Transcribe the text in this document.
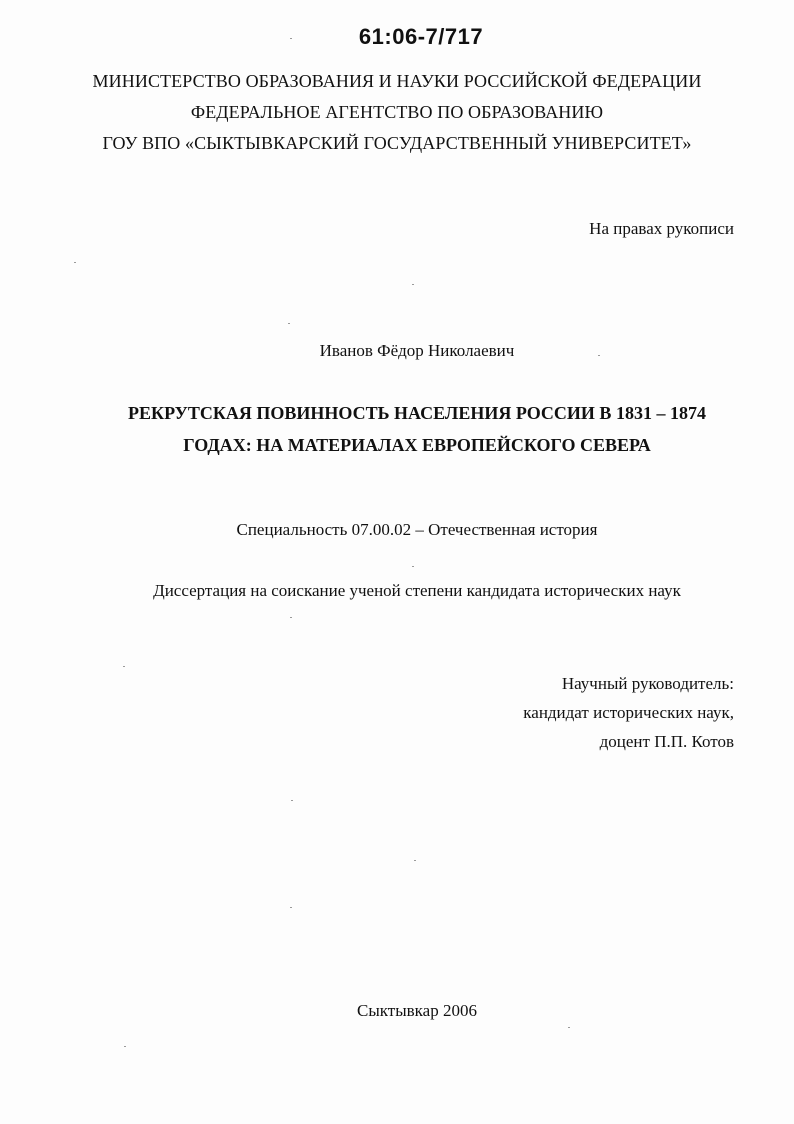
61:06-7/717
МИНИСТЕРСТВО ОБРАЗОВАНИЯ И НАУКИ РОССИЙСКОЙ ФЕДЕРАЦИИ
ФЕДЕРАЛЬНОЕ АГЕНТСТВО ПО ОБРАЗОВАНИЮ
ГОУ ВПО «СЫКТЫВКАРСКИЙ ГОСУДАРСТВЕННЫЙ УНИВЕРСИТЕТ»
На правах рукописи
Иванов Фёдор Николаевич
РЕКРУТСКАЯ ПОВИННОСТЬ НАСЕЛЕНИЯ РОССИИ В 1831 – 1874
ГОДАХ: НА МАТЕРИАЛАХ ЕВРОПЕЙСКОГО СЕВЕРА
Специальность 07.00.02 – Отечественная история
Диссертация на соискание ученой степени кандидата исторических наук
Научный руководитель:
кандидат исторических наук,
доцент П.П. Котов
Сыктывкар 2006
